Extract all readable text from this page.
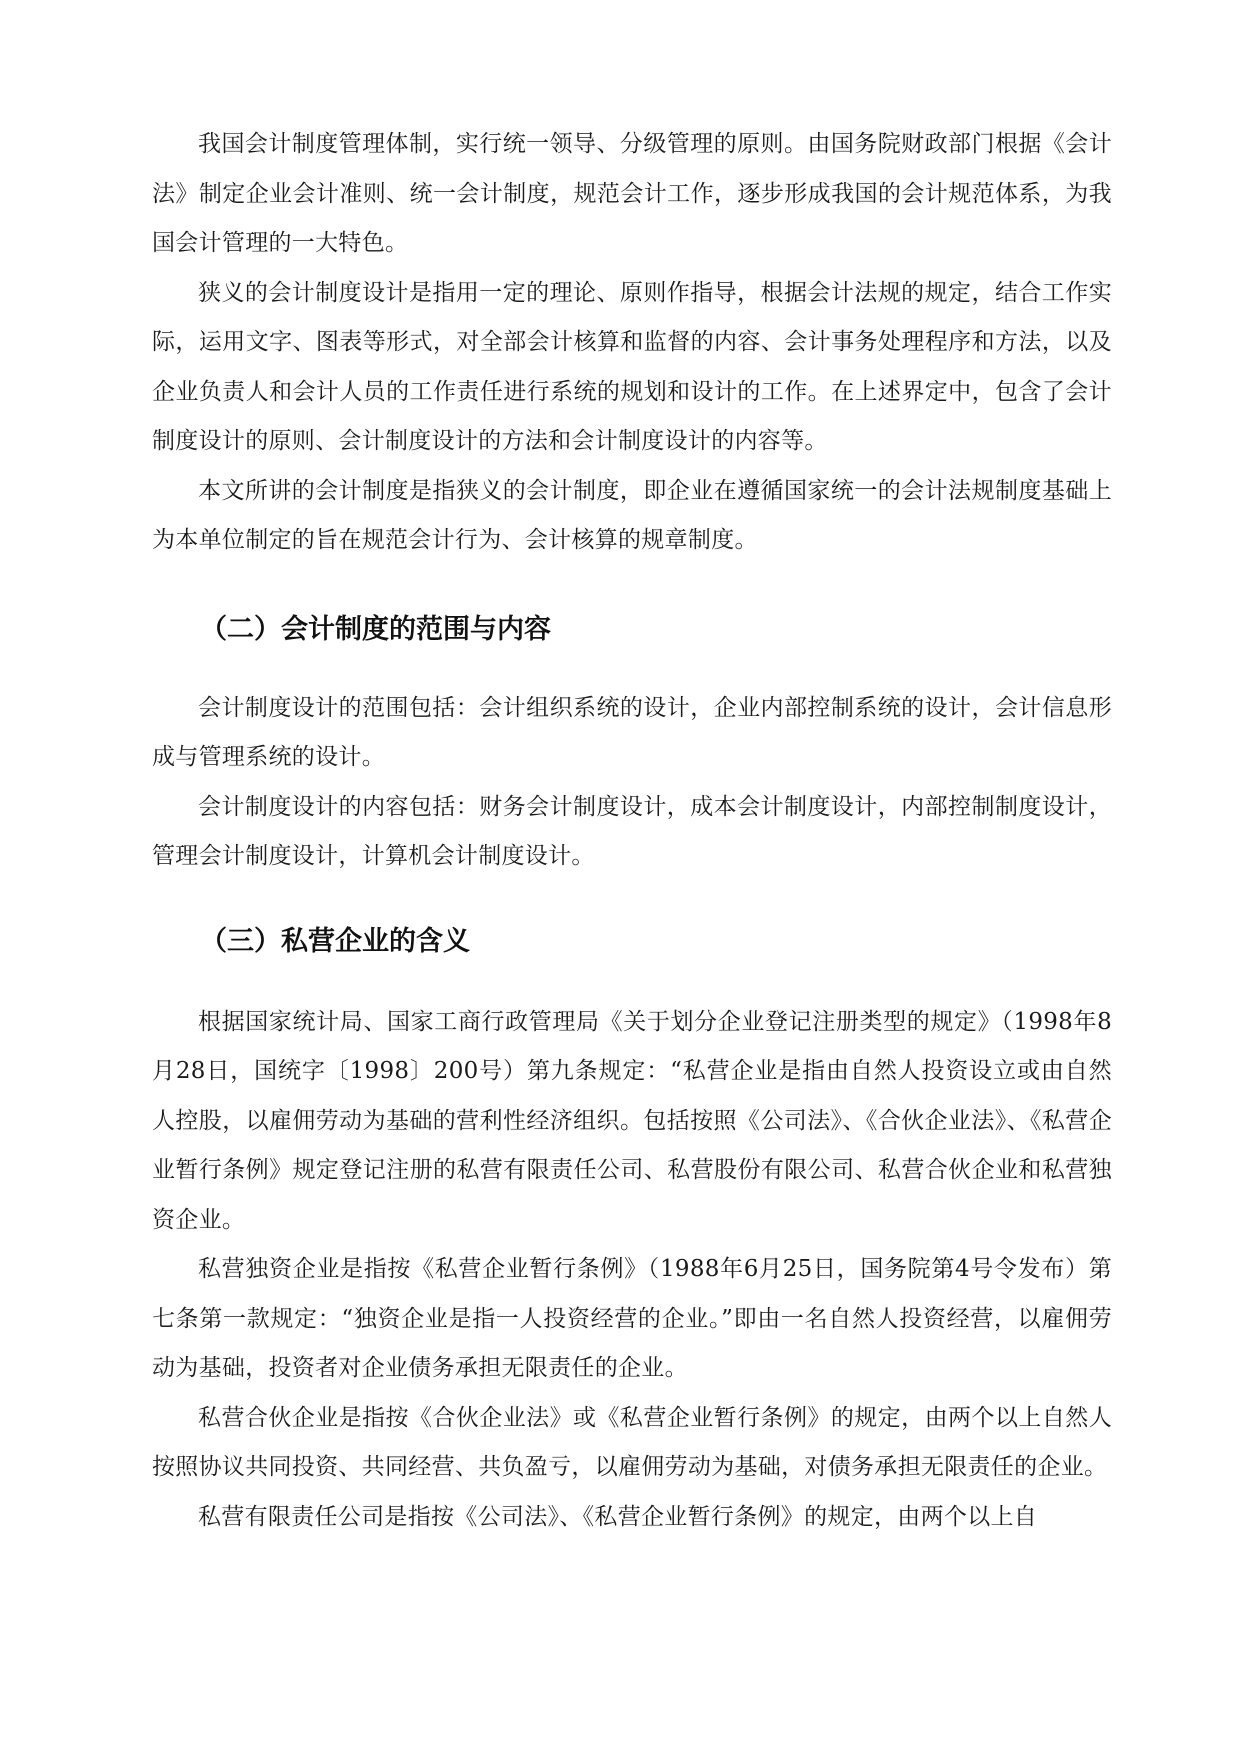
我国会计制度管理体制，实行统一领导、分级管理的原则。由国务院财政部门根据《会计法》制定企业会计准则、统一会计制度，规范会计工作，逐步形成我国的会计规范体系，为我国会计管理的一大特色。

狭义的会计制度设计是指用一定的理论、原则作指导，根据会计法规的规定，结合工作实际，运用文字、图表等形式，对全部会计核算和监督的内容、会计事务处理程序和方法，以及企业负责人和会计人员的工作责任进行系统的规划和设计的工作。在上述界定中，包含了会计制度设计的原则、会计制度设计的方法和会计制度设计的内容等。

本文所讲的会计制度是指狭义的会计制度，即企业在遵循国家统一的会计法规制度基础上为本单位制定的旨在规范会计行为、会计核算的规章制度。

（二）会计制度的范围与内容

会计制度设计的范围包括：会计组织系统的设计，企业内部控制系统的设计，会计信息形成与管理系统的设计。

会计制度设计的内容包括：财务会计制度设计，成本会计制度设计，内部控制制度设计，管理会计制度设计，计算机会计制度设计。

（三）私营企业的含义

根据国家统计局、国家工商行政管理局《关于划分企业登记注册类型的规定》（1998年8月28日，国统字〔1998〕200号）第九条规定：“私营企业是指由自然人投资设立或由自然人控股，以雇佣劳动为基础的营利性经济组织。包括按照《公司法》、《合伙企业法》、《私营企业暂行条例》规定登记注册的私营有限责任公司、私营股份有限公司、私营合伙企业和私营独资企业。

私营独资企业是指按《私营企业暂行条例》（1988年6月25日，国务院第4号令发布）第七条第一款规定：“独资企业是指一人投资经营的企业。”即由一名自然人投资经营，以雇佣劳动为基础，投资者对企业债务承担无限责任的企业。

私营合伙企业是指按《合伙企业法》或《私营企业暂行条例》的规定，由两个以上自然人按照协议共同投资、共同经营、共负盈亏，以雇佣劳动为基础，对债务承担无限责任的企业。

私营有限责任公司是指按《公司法》、《私营企业暂行条例》的规定，由两个以上自
